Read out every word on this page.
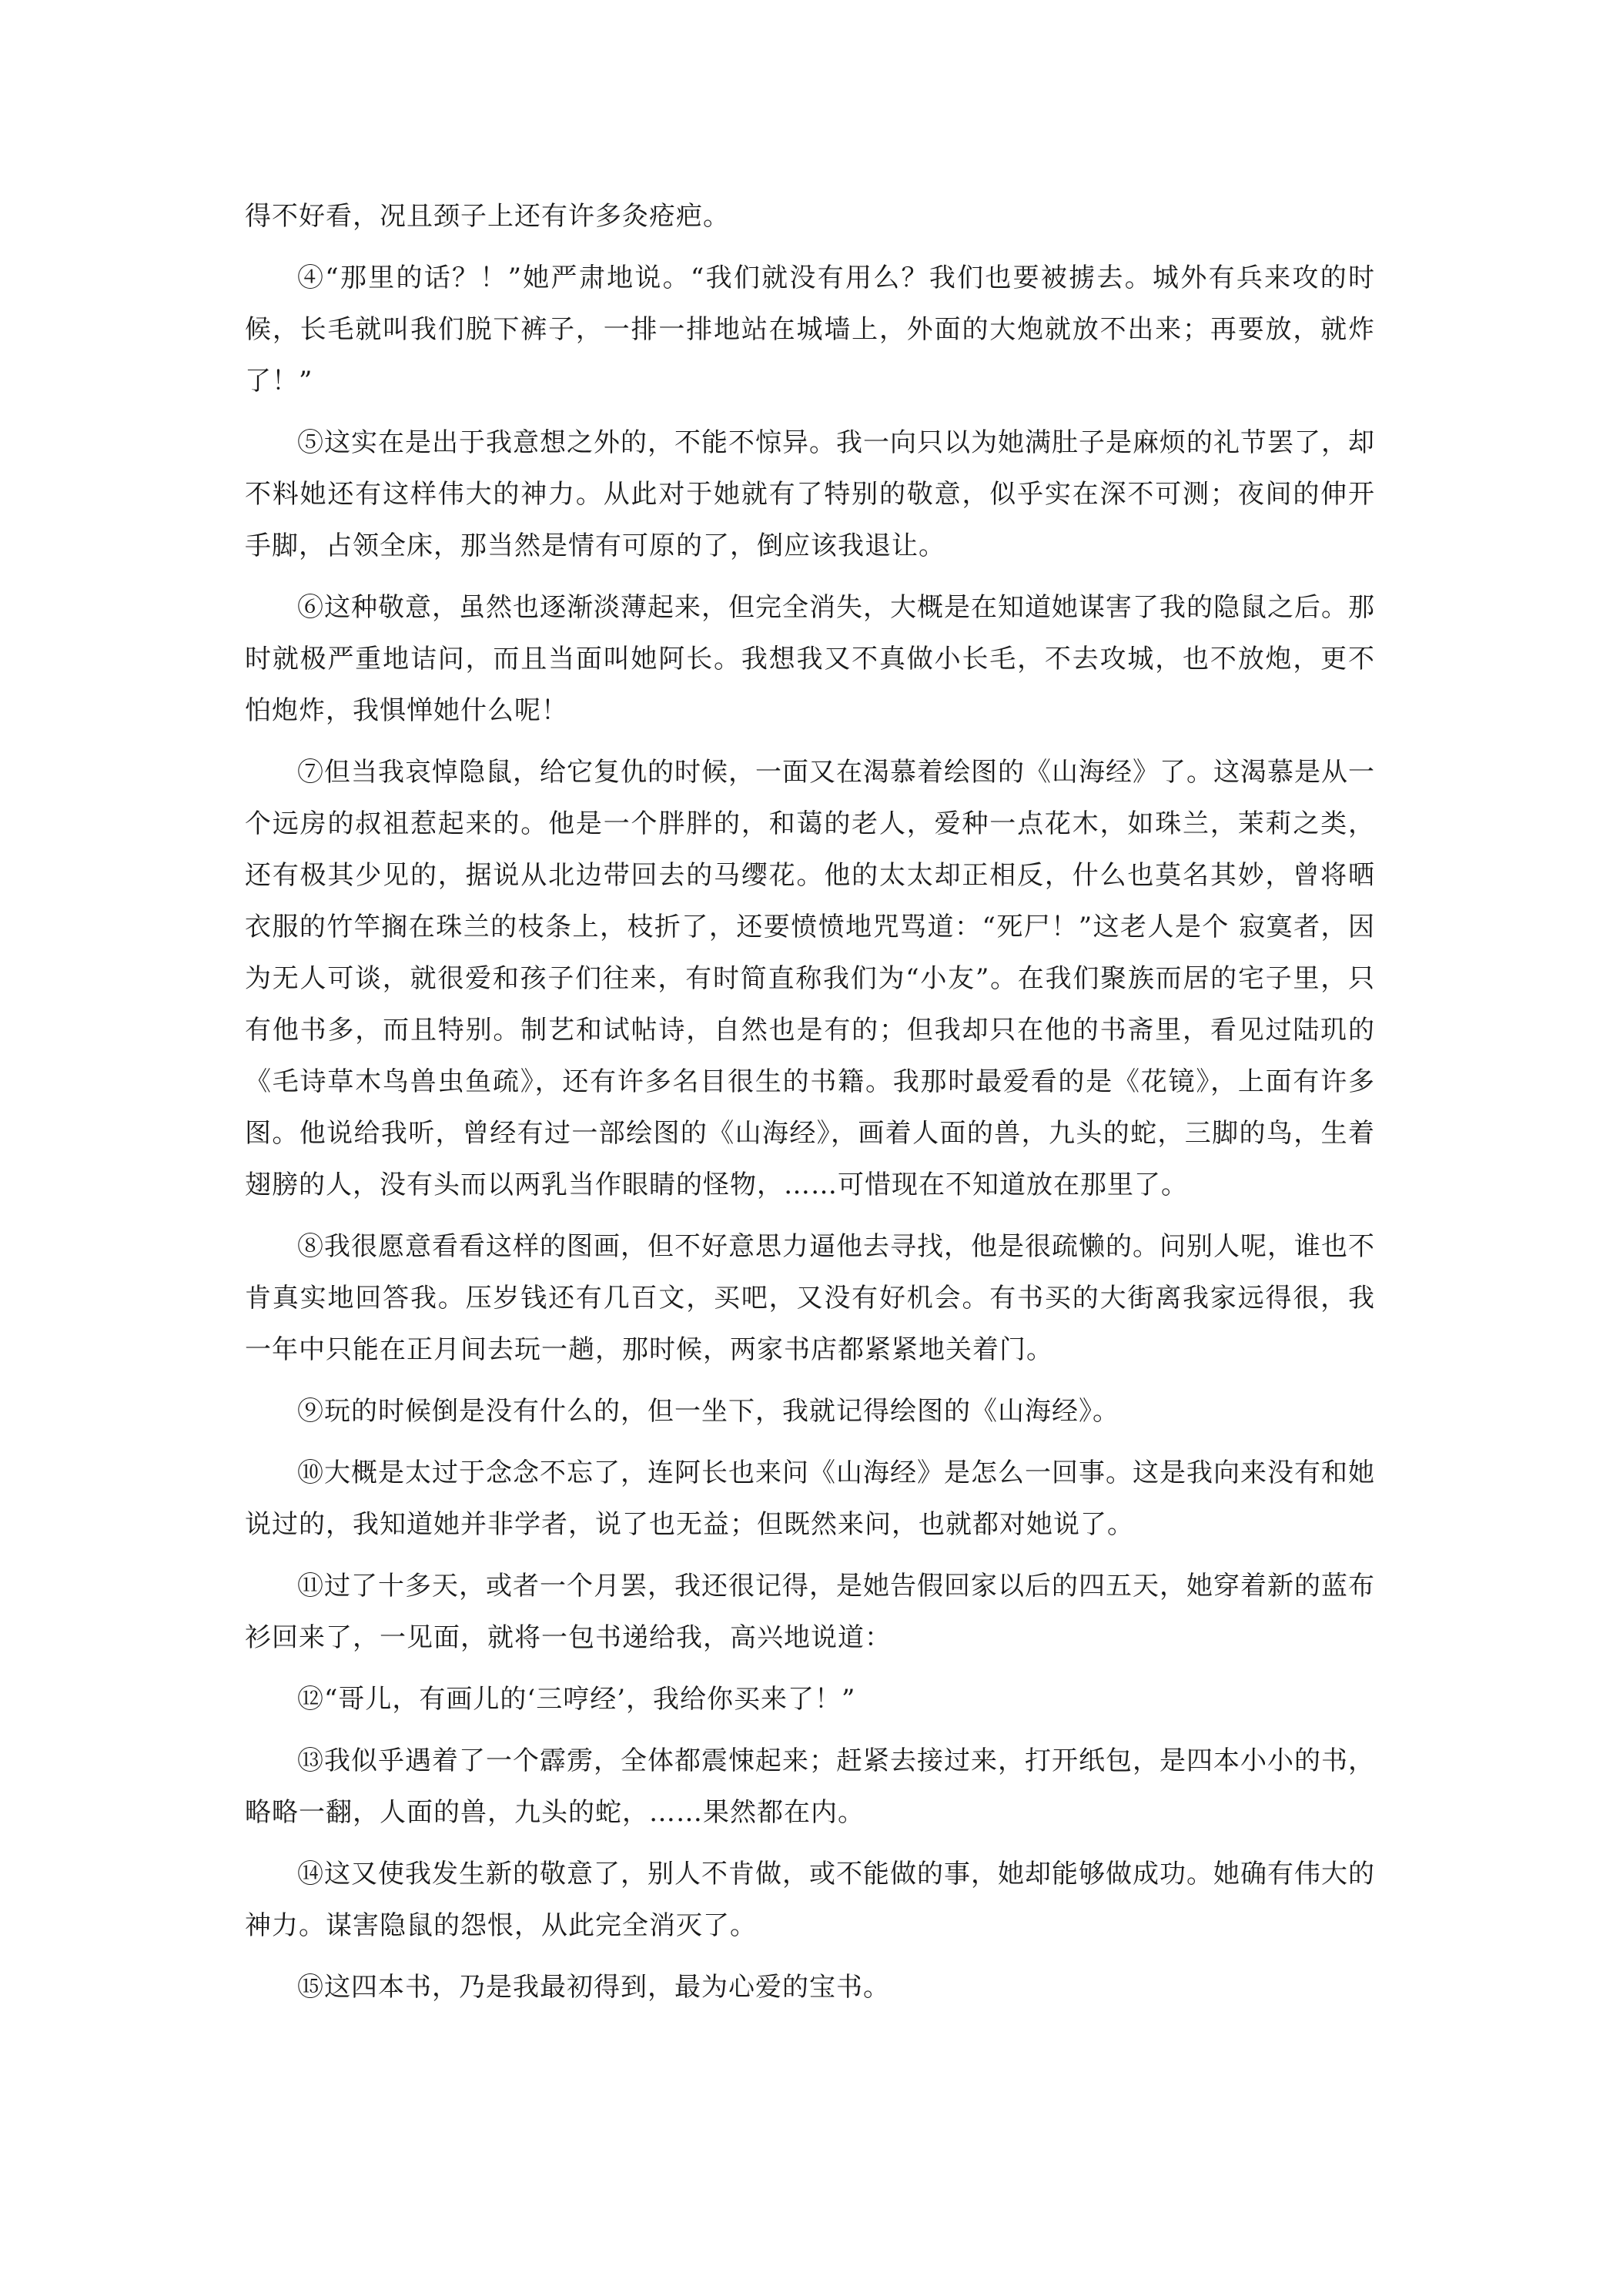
得不好看，况且颈子上还有许多灸疮疤。

④“那里的话？！”她严肃地说。“我们就没有用么？我们也要被掳去。城外有兵来攻的时候，长毛就叫我们脱下裤子，一排一排地站在城墙上，外面的大炮就放不出来；再要放，就炸了！”

⑤这实在是出于我意想之外的，不能不惊异。我一向只以为她满肚子是麻烦的礼节罢了，却不料她还有这样伟大的神力。从此对于她就有了特别的敬意，似乎实在深不可测；夜间的伸开手脚，占领全床，那当然是情有可原的了，倒应该我退让。

⑥这种敬意，虽然也逐渐淡薄起来，但完全消失，大概是在知道她谋害了我的隐鼠之后。那时就极严重地诘问，而且当面叫她阿长。我想我又不真做小长毛，不去攻城，也不放炮，更不怕炮炸，我惧惮她什么呢！

⑦但当我哀悼隐鼠，给它复仇的时候，一面又在渴慕着绘图的《山海经》了。这渴慕是从一个远房的叔祖惹起来的。他是一个胖胖的，和蔼的老人，爱种一点花木，如珠兰，茉莉之类，还有极其少见的，据说从北边带回去的马缨花。他的太太却正相反，什么也莫名其妙，曾将晒衣服的竹竿搁在珠兰的枝条上，枝折了，还要愤愤地咒骂道：“死尸！”这老人是个 寂寞者，因为无人可谈，就很爱和孩子们往来，有时简直称我们为“小友”。在我们聚族而居的宅子里，只有他书多，而且特别。制艺和试帖诗，自然也是有的；但我却只在他的书斋里，看见过陆玑的《毛诗草木鸟兽虫鱼疏》，还有许多名目很生的书籍。我那时最爱看的是《花镜》，上面有许多图。他说给我听，曾经有过一部绘图的《山海经》，画着人面的兽，九头的蛇，三脚的鸟，生着翅膀的人，没有头而以两乳当作眼睛的怪物，……可惜现在不知道放在那里了。

⑧我很愿意看看这样的图画，但不好意思力逼他去寻找，他是很疏懒的。问别人呢，谁也不肯真实地回答我。压岁钱还有几百文，买吧，又没有好机会。有书买的大街离我家远得很，我一年中只能在正月间去玩一趟，那时候，两家书店都紧紧地关着门。

⑨玩的时候倒是没有什么的，但一坐下，我就记得绘图的《山海经》。

⑩大概是太过于念念不忘了，连阿长也来问《山海经》是怎么一回事。这是我向来没有和她说过的，我知道她并非学者，说了也无益；但既然来问，也就都对她说了。

⑪过了十多天，或者一个月罢，我还很记得，是她告假回家以后的四五天，她穿着新的蓝布衫回来了，一见面，就将一包书递给我，高兴地说道：

⑫“哥儿，有画儿的‘三哼经’，我给你买来了！”

⑬我似乎遇着了一个霹雳，全体都震悚起来；赶紧去接过来，打开纸包，是四本小小的书，略略一翻，人面的兽，九头的蛇，……果然都在内。

⑭这又使我发生新的敬意了，别人不肯做，或不能做的事，她却能够做成功。她确有伟大的神力。谋害隐鼠的怨恨，从此完全消灭了。

⑮这四本书，乃是我最初得到，最为心爱的宝书。
